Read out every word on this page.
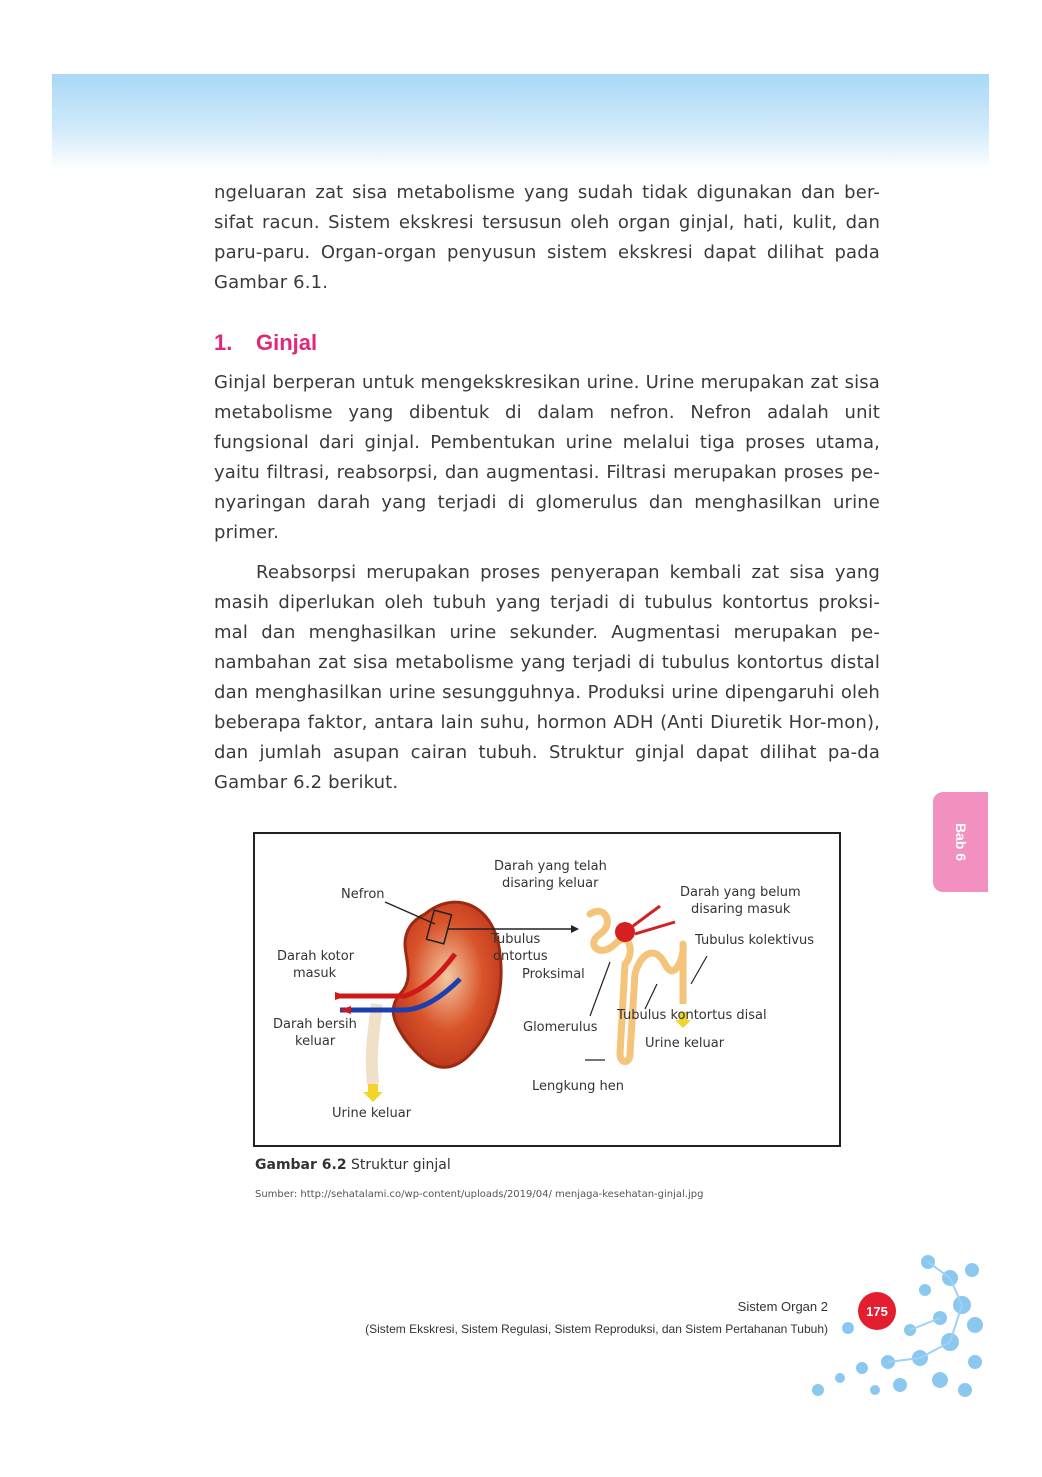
ngeluaran zat sisa metabolisme yang sudah tidak digunakan dan ber-sifat racun. Sistem ekskresi tersusun oleh organ ginjal, hati, kulit, dan paru-paru. Organ-organ penyusun sistem ekskresi dapat dilihat pada Gambar 6.1.

1.	Ginjal

Ginjal berperan untuk mengekskresikan urine. Urine merupakan zat sisa metabolisme yang dibentuk di dalam nefron. Nefron adalah unit fungsional dari ginjal. Pembentukan urine melalui tiga proses utama, yaitu filtrasi, reabsorpsi, dan augmentasi. Filtrasi merupakan proses pe-nyaringan darah yang terjadi di glomerulus dan menghasilkan urine primer.

Reabsorpsi merupakan proses penyerapan kembali zat sisa yang masih diperlukan oleh tubuh yang terjadi di tubulus kontortus proksi-mal dan menghasilkan urine sekunder. Augmentasi merupakan pe-nambahan zat sisa metabolisme yang terjadi di tubulus kontortus distal dan menghasilkan urine sesungguhnya. Produksi urine dipengaruhi oleh beberapa faktor, antara lain suhu, hormon ADH (Anti Diuretik Hor-mon), dan jumlah asupan cairan tubuh. Struktur ginjal dapat dilihat pa-da Gambar 6.2 berikut.

Nefron
Darah kotor
masuk
Darah bersih
keluar
Urine keluar
Darah yang telah
disaring keluar
Darah yang belum
disaring masuk
Tubulus
ontortus
Proksimal
Tubulus kolektivus
Glomerulus
Tubulus kontortus disal
Urine keluar
Lengkung hen
Gambar 6.2 Struktur ginjal
Sumber: http://sehatalami.co/wp-content/uploads/2019/04/ menjaga-kesehatan-ginjal.jpg
Bab 6
Sistem Organ 2
(Sistem Ekskresi, Sistem Regulasi, Sistem Reproduksi, dan Sistem Pertahanan Tubuh)
175
